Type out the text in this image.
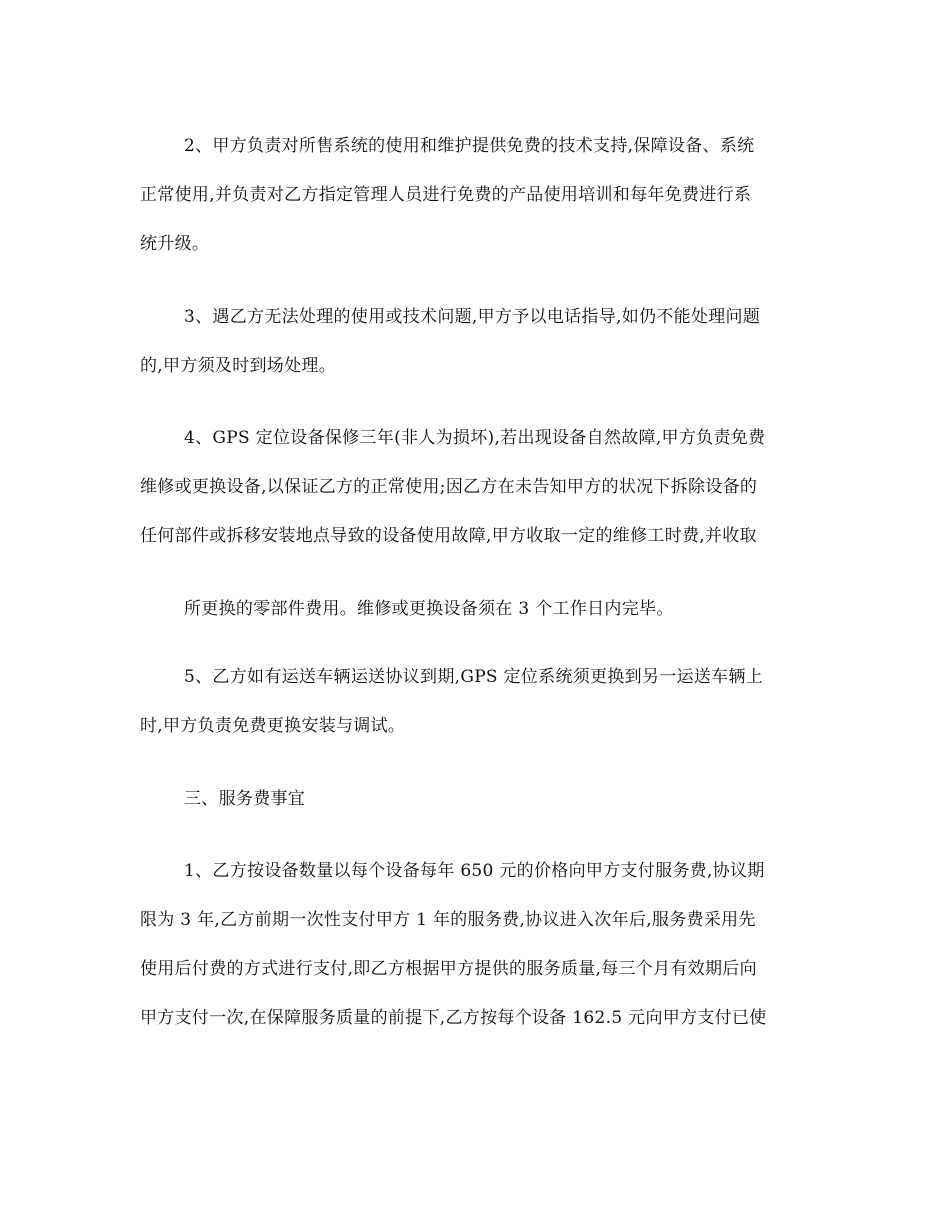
2、甲方负责对所售系统的使用和维护提供免费的技术支持,保障设备、系统
正常使用,并负责对乙方指定管理人员进行免费的产品使用培训和每年免费进行系
统升级。
3、遇乙方无法处理的使用或技术问题,甲方予以电话指导,如仍不能处理问题
的,甲方须及时到场处理。
4、GPS 定位设备保修三年(非人为损坏),若出现设备自然故障,甲方负责免费
维修或更换设备,以保证乙方的正常使用;因乙方在未告知甲方的状况下拆除设备的
任何部件或拆移安装地点导致的设备使用故障,甲方收取一定的维修工时费,并收取
所更换的零部件费用。维修或更换设备须在 3 个工作日内完毕。
5、乙方如有运送车辆运送协议到期,GPS 定位系统须更换到另一运送车辆上
时,甲方负责免费更换安装与调试。
三、服务费事宜
1、乙方按设备数量以每个设备每年 650 元的价格向甲方支付服务费,协议期
限为 3 年,乙方前期一次性支付甲方 1 年的服务费,协议进入次年后,服务费采用先
使用后付费的方式进行支付,即乙方根据甲方提供的服务质量,每三个月有效期后向
甲方支付一次,在保障服务质量的前提下,乙方按每个设备 162.5 元向甲方支付已使
